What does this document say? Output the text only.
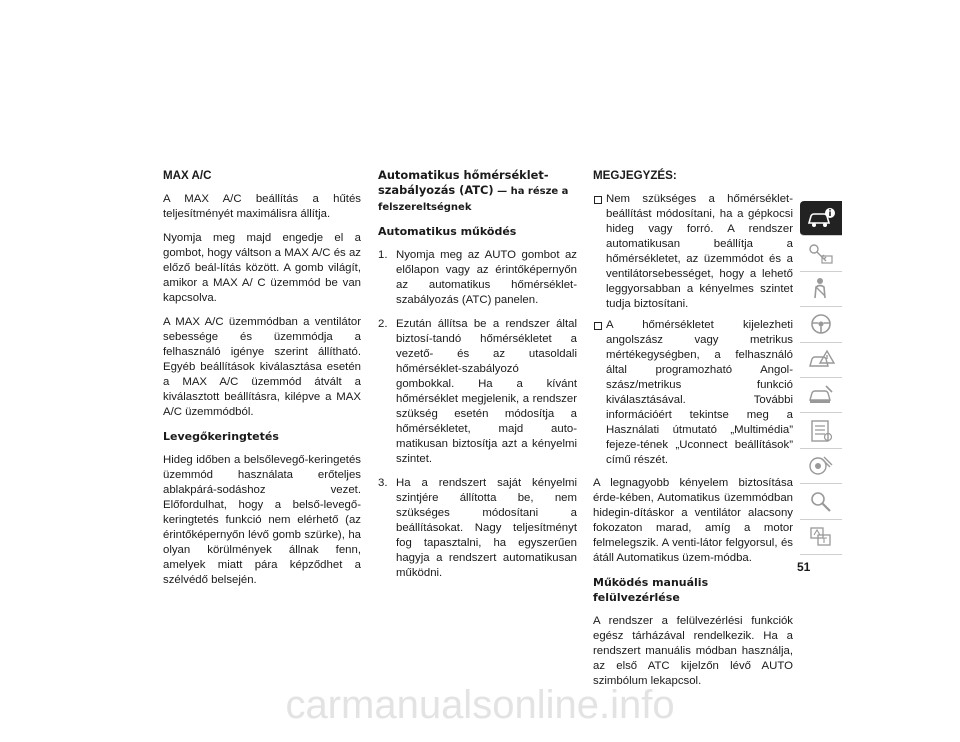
MAX A/C

A MAX A/C beállítás a hűtés teljesítményét maximálisra állítja.

Nyomja meg majd engedje el a gombot, hogy váltson a MAX A/C és az előző beál-lítás között. A gomb világít, amikor a MAX A/ C üzemmód be van kapcsolva.

A MAX A/C üzemmódban a ventilátor sebessége és üzemmódja a felhasználó igénye szerint állítható. Egyéb beállítások kiválasztása esetén a MAX A/C üzemmód átvált a kiválasztott beállításra, kilépve a MAX A/C üzemmódból.

Levegőkeringtetés

Hideg időben a belsőlevegő-keringetés üzemmód használata erőteljes ablakpárá-sodáshoz vezet. Előfordulhat, hogy a belső-levegő-keringtetés funkció nem elérhető (az érintőképernyőn lévő gomb szürke), ha olyan körülmények állnak fenn, amelyek miatt pára képződhet a szélvédő belsején.

Automatikus hőmérséklet-szabályozás (ATC) — ha része a felszereltségnek
Automatikus működés
1. Nyomja meg az AUTO gombot az előlapon vagy az érintőképernyőn az automatikus hőmérséklet-szabályozás (ATC) panelen.
2. Ezután állítsa be a rendszer által biztosí-tandó hőmérsékletet a vezető- és az utasoldali hőmérséklet-szabályozó gombokkal. Ha a kívánt hőmérséklet megjelenik, a rendszer szükség esetén módosítja a hőmérsékletet, majd auto-matikusan biztosítja azt a kényelmi szintet.
3. Ha a rendszert saját kényelmi szintjére állította be, nem szükséges módosítani a beállításokat. Nagy teljesítményt fog tapasztalni, ha egyszerűen hagyja a rendszert automatikusan működni.
MEGJEGYZÉS:
Nem szükséges a hőmérséklet-beállítást módosítani, ha a gépkocsi hideg vagy forró. A rendszer automatikusan beállítja a hőmérsékletet, az üzemmódot és a ventilátorsebességet, hogy a lehető leggyorsabban a kényelmes szintet tudja biztosítani.
A hőmérsékletet kijelezheti angolszász vagy metrikus mértékegységben, a felhasználó által programozható Angol-szász/metrikus funkció kiválasztásával. További információért tekintse meg a Használati útmutató „Multimédia” fejeze-tének „Uconnect beállítások” című részét.

A legnagyobb kényelem biztosítása érde-kében, Automatikus üzemmódban hidegin-dításkor a ventilátor alacsony fokozaton marad, amíg a motor felmelegszik. A venti-látor felgyorsul, és átáll Automatikus üzem-módba.

Működés manuális felülvezérlése

A rendszer a felülvezérlési funkciók egész tárházával rendelkezik. Ha a rendszert manuális módban használja, az első ATC kijelzőn lévő AUTO szimbólum lekapcsol.

51
carmanualsonline.info
